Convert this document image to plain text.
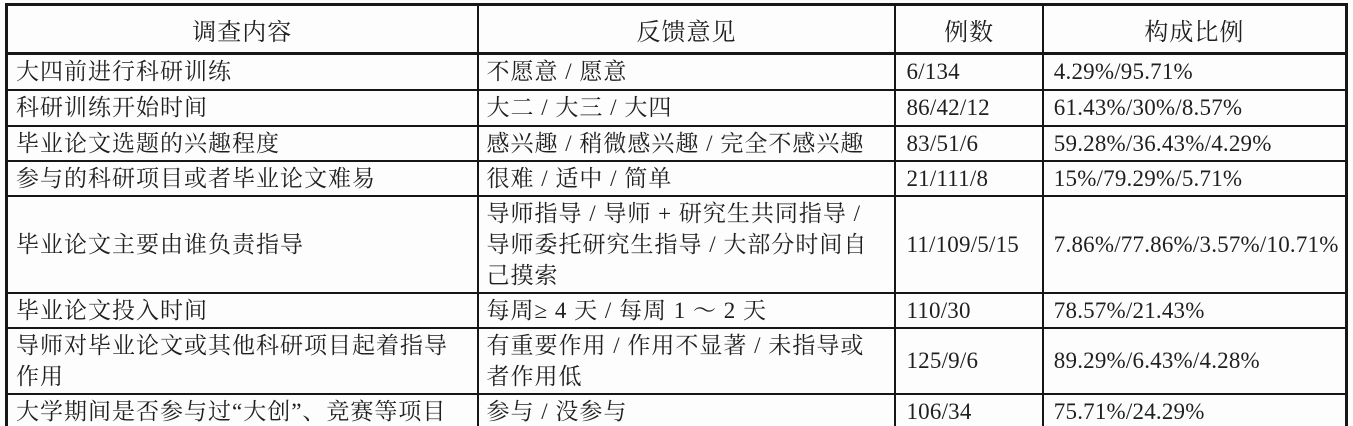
调查内容	反馈意见	例数	构成比例
大四前进行科研训练	不愿意 / 愿意	6/134	4.29%/95.71%
科研训练开始时间	大二 / 大三 / 大四	86/42/12	61.43%/30%/8.57%
毕业论文选题的兴趣程度	感兴趣 / 稍微感兴趣 / 完全不感兴趣	83/51/6	59.28%/36.43%/4.29%
参与的科研项目或者毕业论文难易	很难 / 适中 / 简单	21/111/8	15%/79.29%/5.71%
毕业论文主要由谁负责指导	导师指导 / 导师 + 研究生共同指导 / 导师委托研究生指导 / 大部分时间自己摸索	11/109/5/15	7.86%/77.86%/3.57%/10.71%
毕业论文投入时间	每周≥ 4 天 / 每周 1 ～ 2 天	110/30	78.57%/21.43%
导师对毕业论文或其他科研项目起着指导作用	有重要作用 / 作用不显著 / 未指导或者作用低	125/9/6	89.29%/6.43%/4.28%
大学期间是否参与过“大创”、竞赛等项目	参与 / 没参与	106/34	75.71%/24.29%
